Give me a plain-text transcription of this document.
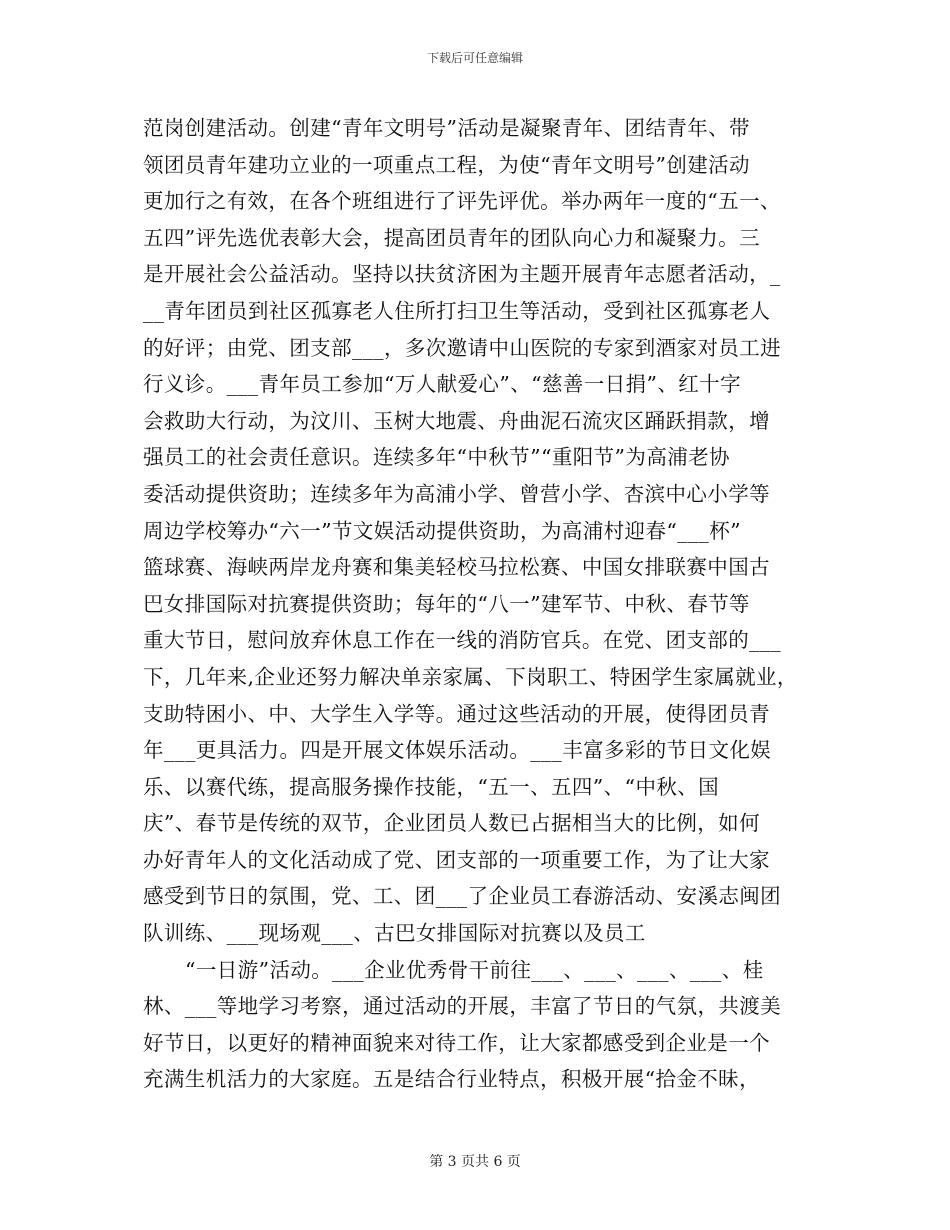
下载后可任意编辑
范岗创建活动。创建“青年文明号”活动是凝聚青年、团结青年、带
领团员青年建功立业的一项重点工程，为使“青年文明号”创建活动
更加行之有效，在各个班组进行了评先评优。举办两年一度的“五一、
五四”评先选优表彰大会，提高团员青年的团队向心力和凝聚力。三
是开展社会公益活动。坚持以扶贫济困为主题开展青年志愿者活动，_
__青年团员到社区孤寡老人住所打扫卫生等活动，受到社区孤寡老人
的好评；由党、团支部___，多次邀请中山医院的专家到酒家对员工进
行义诊。___青年员工参加“万人献爱心”、“慈善一日捐”、红十字
会救助大行动，为汶川、玉树大地震、舟曲泥石流灾区踊跃捐款，增
强员工的社会责任意识。连续多年“中秋节”“重阳节”为高浦老协
委活动提供资助；连续多年为高浦小学、曾营小学、杏滨中心小学等
周边学校筹办“六一”节文娱活动提供资助，为高浦村迎春“___杯”
篮球赛、海峡两岸龙舟赛和集美轻校马拉松赛、中国女排联赛中国古
巴女排国际对抗赛提供资助；每年的“八一”建军节、中秋、春节等
重大节日，慰问放弃休息工作在一线的消防官兵。在党、团支部的___
下，几年来,企业还努力解决单亲家属、下岗职工、特困学生家属就业，
支助特困小、中、大学生入学等。通过这些活动的开展，使得团员青
年___更具活力。四是开展文体娱乐活动。___丰富多彩的节日文化娱
乐、以赛代练，提高服务操作技能，“五一、五四”、“中秋、国
庆”、春节是传统的双节，企业团员人数已占据相当大的比例，如何
办好青年人的文化活动成了党、团支部的一项重要工作，为了让大家
感受到节日的氛围，党、工、团___了企业员工春游活动、安溪志闽团
队训练、___现场观___、古巴女排国际对抗赛以及员工
“一日游”活动。___企业优秀骨干前往___、___、___、___、桂
林、___等地学习考察，通过活动的开展，丰富了节日的气氛，共渡美
好节日，以更好的精神面貌来对待工作，让大家都感受到企业是一个
充满生机活力的大家庭。五是结合行业特点，积极开展“拾金不昧，
第 3 页共 6 页
